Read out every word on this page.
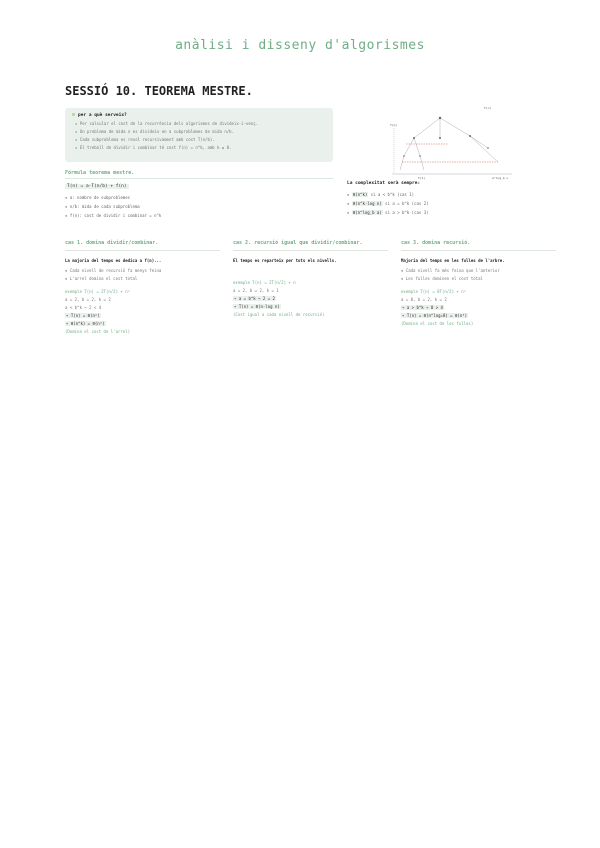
anàlisi i disseny d'algorismes
SESSIÓ 10. TEOREMA MESTRE.
per a què serveix?
▪ Per calcular el cost de la recurrència dels algorismes de divideix-i-venç.
▪ Un problema de mida n es divideix en a subproblemes de mida n/b.
▪ Cada subproblema es resol recursivament amb cost T(n/b).
▪ El treball de dividir i combinar té cost f(n) = n^k, amb k ≥ 0.
Fórmula teorema mestre.
T(n) = a·T(n/b) + f(n)
▪ a: nombre de subproblemes
▪ n/b: mida de cada subproblema
▪ f(n): cost de dividir i combinar = n^k
T(n)
f(n)
T(1)	a^log_b n
La complexitat serà sempre:
▪ Θ(n^k) si a < b^k (cas 1)
▪ Θ(n^k·log n) si a = b^k (cas 2)
▪ Θ(n^log_b a) si a > b^k (cas 3)
cas 1. domina dividir/combinar.
La majoria del temps es dedica a f(n)...
▪ Cada nivell de recursió fa menys feina
▪ L'arrel domina el cost total
exemple T(n) = 2T(n/2) + n²
a = 2, b = 2, k = 2
a < b^k → 2 < 4
→ T(n) = Θ(n²)
→ Θ(n^k) = Θ(n²)
(Domina el cost de l'arrel)
cas 2. recursió igual que dividir/combinar.
El temps es reparteix per tots els nivells.
exemple T(n) = 2T(n/2) + n
a = 2, b = 2, k = 1
→ a = b^k → 2 = 2
→ T(n) = Θ(n·log n)
(Cost igual a cada nivell de recursió)
cas 3. domina recursió.
Majoria del temps en les fulles de l'arbre.
▪ Cada nivell fa més feina que l'anterior
▪ Les fulles dominen el cost total
exemple T(n) = 8T(n/2) + n²
a = 8, b = 2, k = 2
→ a > b^k → 8 > 4
→ T(n) = Θ(n^log₂8) = Θ(n³)
(Domina el cost de les fulles)
